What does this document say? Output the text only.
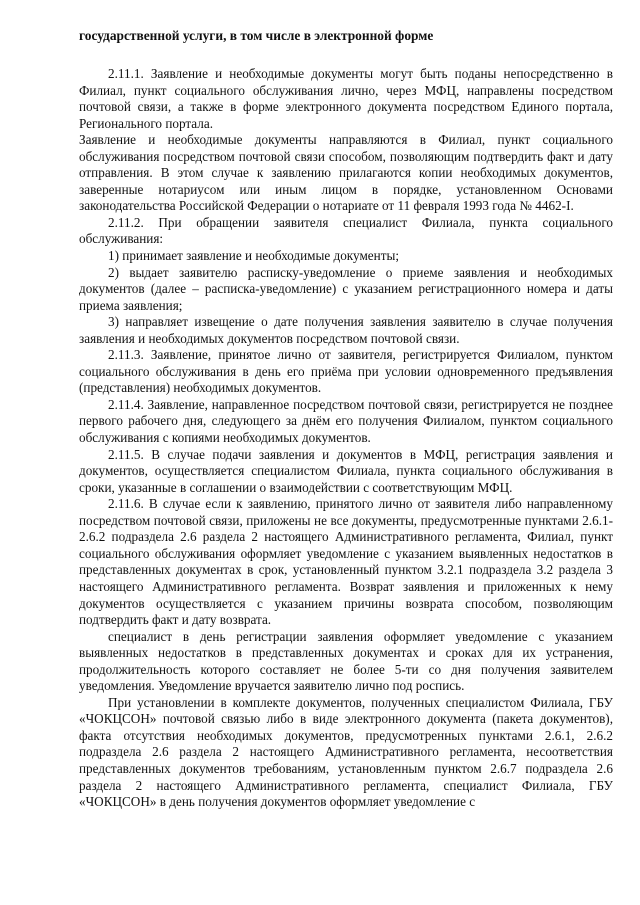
государственной услуги, в том числе в электронной форме

2.11.1. Заявление и необходимые документы могут быть поданы непосредственно в Филиал, пункт социального обслуживания лично, через МФЦ, направлены посредством почтовой связи, а также в форме электронного документа посредством Единого портала, Регионального портала.

Заявление и необходимые документы направляются в Филиал, пункт социального обслуживания посредством почтовой связи способом, позволяющим подтвердить факт и дату отправления. В этом случае к заявлению прилагаются копии необходимых документов, заверенные нотариусом или иным лицом в порядке, установленном Основами законодательства Российской Федерации о нотариате от 11 февраля 1993 года № 4462-I.

2.11.2. При обращении заявителя специалист Филиала, пункта социального обслуживания:

1) принимает заявление и необходимые документы;

2) выдает заявителю расписку-уведомление о приеме заявления и необходимых документов (далее – расписка-уведомление) с указанием регистрационного номера и даты приема заявления;

3) направляет извещение о дате получения заявления заявителю в случае получения заявления и необходимых документов посредством почтовой связи.

2.11.3. Заявление, принятое лично от заявителя, регистрируется Филиалом, пунктом социального обслуживания в день его приёма при условии одновременного предъявления (представления) необходимых документов.

2.11.4. Заявление, направленное посредством почтовой связи, регистрируется не позднее первого рабочего дня, следующего за днём его получения Филиалом, пунктом социального обслуживания с копиями необходимых документов.

2.11.5. В случае подачи заявления и документов в МФЦ, регистрация заявления и документов, осуществляется специалистом Филиала, пункта социального обслуживания в сроки, указанные в соглашении о взаимодействии с соответствующим МФЦ.

2.11.6. В случае если к заявлению, принятого лично от заявителя либо направленному посредством почтовой связи, приложены не все документы, предусмотренные пунктами 2.6.1-2.6.2 подраздела 2.6 раздела 2 настоящего Административного регламента, Филиал, пункт социального обслуживания оформляет уведомление с указанием выявленных недостатков в представленных документах в срок, установленный пунктом 3.2.1 подраздела 3.2 раздела 3 настоящего Административного регламента. Возврат заявления и приложенных к нему документов осуществляется с указанием причины возврата способом, позволяющим подтвердить факт и дату возврата.

специалист в день регистрации заявления оформляет уведомление с указанием выявленных недостатков в представленных документах и сроках для их устранения, продолжительность которого составляет не более 5-ти со дня получения заявителем уведомления. Уведомление вручается заявителю лично под роспись.

При установлении в комплекте документов, полученных специалистом Филиала, ГБУ «ЧОКЦСОН» почтовой связью либо в виде электронного документа (пакета документов), факта отсутствия необходимых документов, предусмотренных пунктами 2.6.1, 2.6.2 подраздела 2.6 раздела 2 настоящего Административного регламента, несоответствия представленных документов требованиям, установленным пунктом 2.6.7 подраздела 2.6 раздела 2 настоящего Административного регламента, специалист Филиала, ГБУ «ЧОКЦСОН» в день получения документов оформляет уведомление с
